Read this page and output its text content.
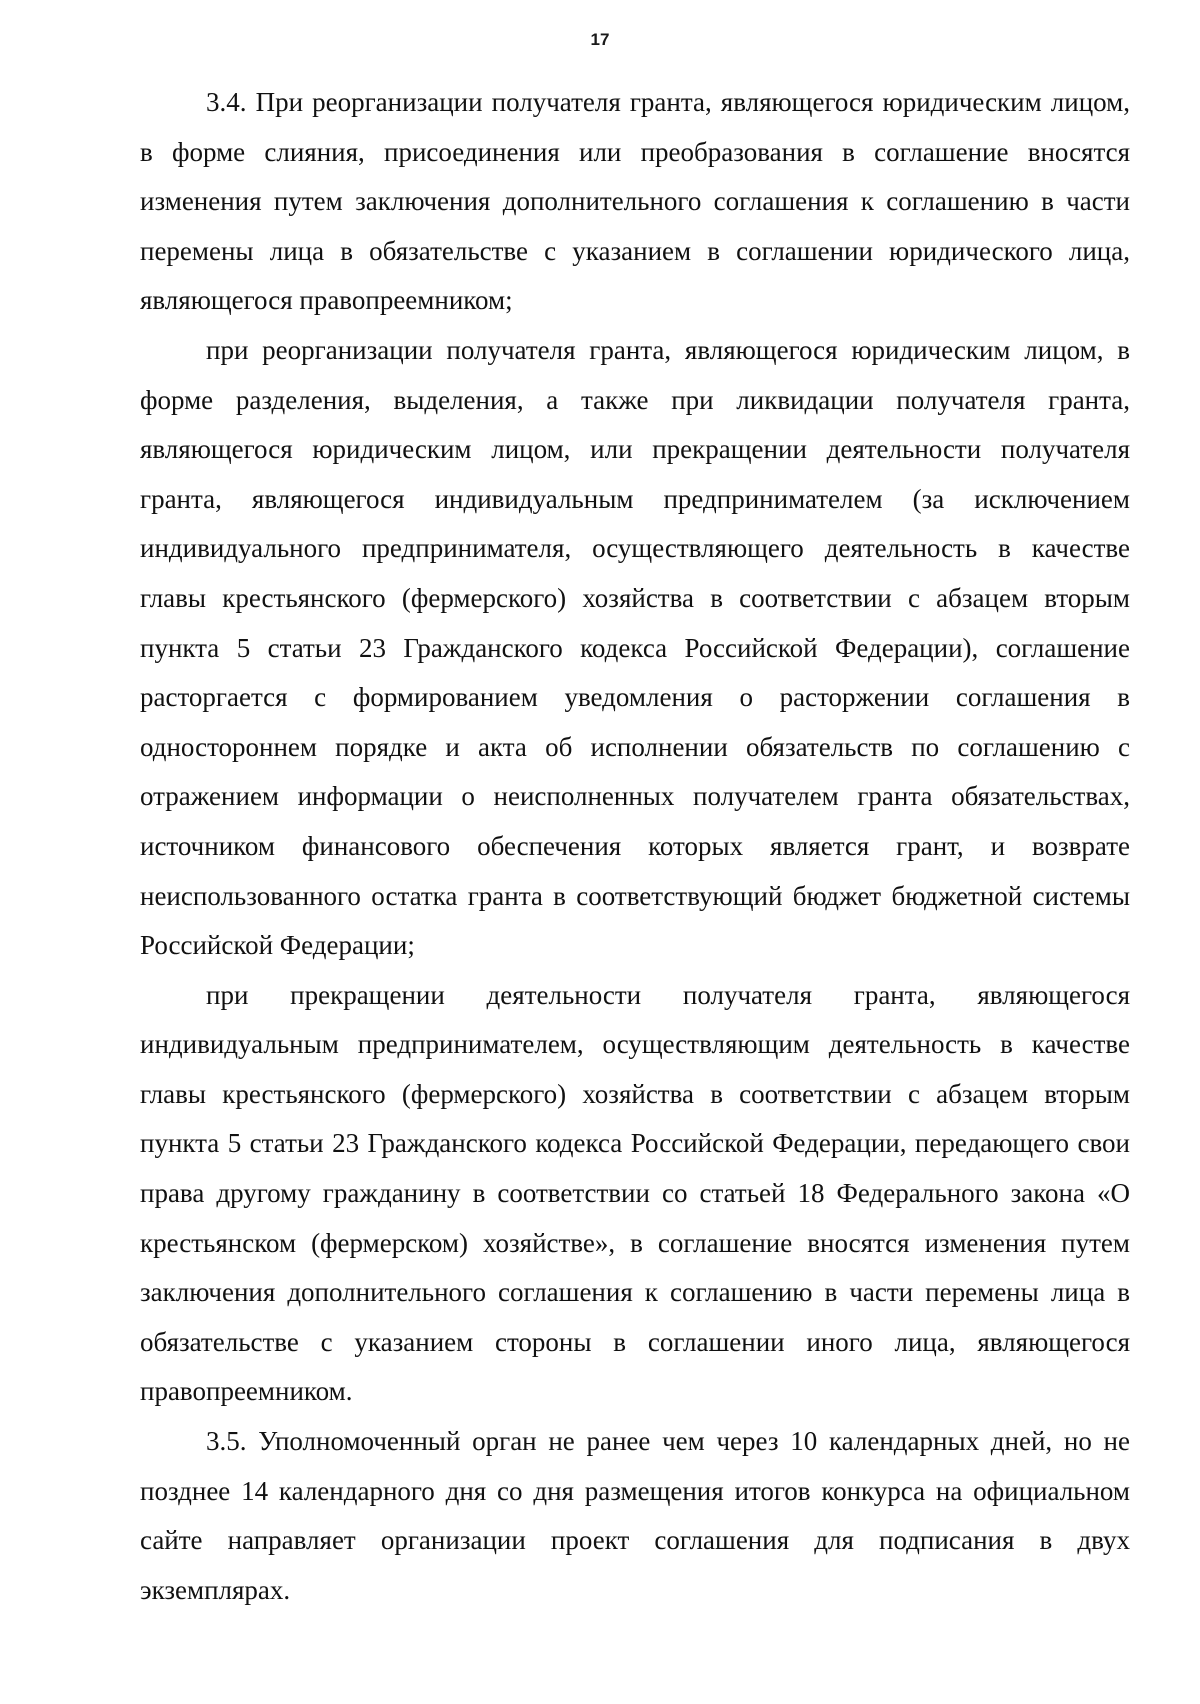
17

3.4. При реорганизации получателя гранта, являющегося юридическим лицом, в форме слияния, присоединения или преобразования в соглашение вносятся изменения путем заключения дополнительного соглашения к соглашению в части перемены лица в обязательстве с указанием в соглашении юридического лица, являющегося правопреемником;

при реорганизации получателя гранта, являющегося юридическим лицом, в форме разделения, выделения, а также при ликвидации получателя гранта, являющегося юридическим лицом, или прекращении деятельности получателя гранта, являющегося индивидуальным предпринимателем (за исключением индивидуального предпринимателя, осуществляющего деятельность в качестве главы крестьянского (фермерского) хозяйства в соответствии с абзацем вторым пункта 5 статьи 23 Гражданского кодекса Российской Федерации), соглашение расторгается с формированием уведомления о расторжении соглашения в одностороннем порядке и акта об исполнении обязательств по соглашению с отражением информации о неисполненных получателем гранта обязательствах, источником финансового обеспечения которых является грант, и возврате неиспользованного остатка гранта в соответствующий бюджет бюджетной системы Российской Федерации;

при прекращении деятельности получателя гранта, являющегося индивидуальным предпринимателем, осуществляющим деятельность в качестве главы крестьянского (фермерского) хозяйства в соответствии с абзацем вторым пункта 5 статьи 23 Гражданского кодекса Российской Федерации, передающего свои права другому гражданину в соответствии со статьей 18 Федерального закона «О крестьянском (фермерском) хозяйстве», в соглашение вносятся изменения путем заключения дополнительного соглашения к соглашению в части перемены лица в обязательстве с указанием стороны в соглашении иного лица, являющегося правопреемником.

3.5. Уполномоченный орган не ранее чем через 10 календарных дней, но не позднее 14 календарного дня со дня размещения итогов конкурса на официальном сайте направляет организации проект соглашения для подписания в двух экземплярах.
